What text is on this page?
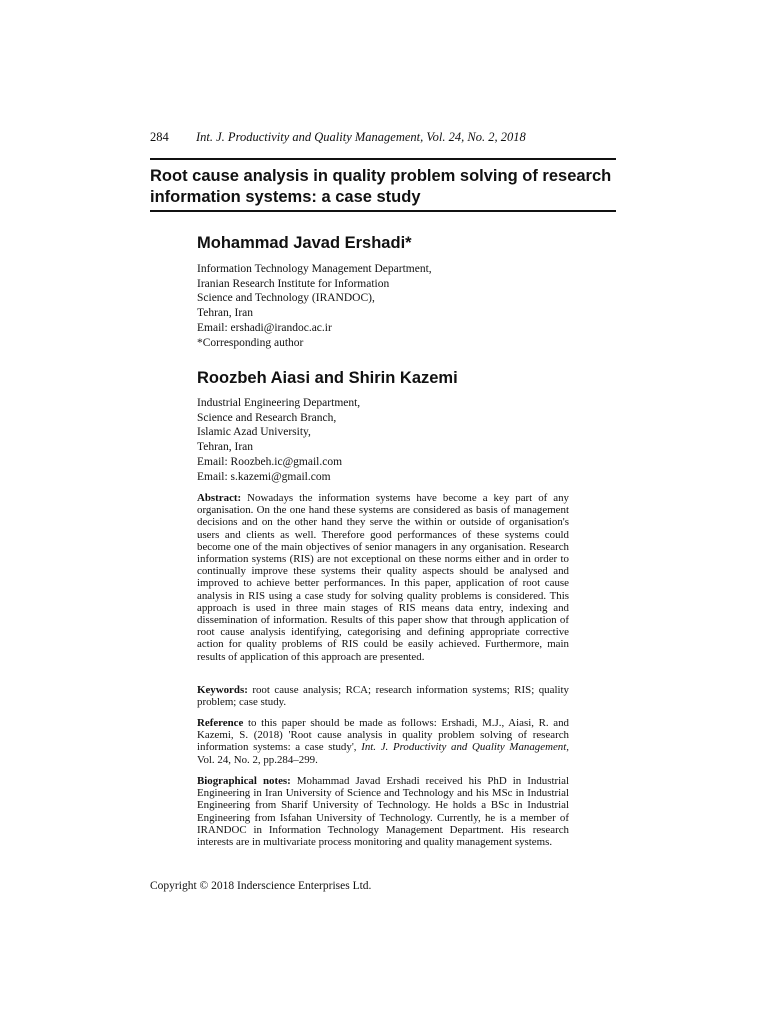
284 Int. J. Productivity and Quality Management, Vol. 24, No. 2, 2018
Root cause analysis in quality problem solving of research information systems: a case study
Mohammad Javad Ershadi*
Information Technology Management Department,
Iranian Research Institute for Information
Science and Technology (IRANDOC),
Tehran, Iran
Email: ershadi@irandoc.ac.ir
*Corresponding author
Roozbeh Aiasi and Shirin Kazemi
Industrial Engineering Department,
Science and Research Branch,
Islamic Azad University,
Tehran, Iran
Email: Roozbeh.ic@gmail.com
Email: s.kazemi@gmail.com

Abstract: Nowadays the information systems have become a key part of any organisation. On the one hand these systems are considered as basis of management decisions and on the other hand they serve the within or outside of organisation's users and clients as well. Therefore good performances of these systems could become one of the main objectives of senior managers in any organisation. Research information systems (RIS) are not exceptional on these norms either and in order to continually improve these systems their quality aspects should be analysed and improved to achieve better performances. In this paper, application of root cause analysis in RIS using a case study for solving quality problems is considered. This approach is used in three main stages of RIS means data entry, indexing and dissemination of information. Results of this paper show that through application of root cause analysis identifying, categorising and defining appropriate corrective action for quality problems of RIS could be easily achieved. Furthermore, main results of application of this approach are presented.

Keywords: root cause analysis; RCA; research information systems; RIS; quality problem; case study.

Reference to this paper should be made as follows: Ershadi, M.J., Aiasi, R. and Kazemi, S. (2018) 'Root cause analysis in quality problem solving of research information systems: a case study', Int. J. Productivity and Quality Management, Vol. 24, No. 2, pp.284–299.

Biographical notes: Mohammad Javad Ershadi received his PhD in Industrial Engineering in Iran University of Science and Technology and his MSc in Industrial Engineering from Sharif University of Technology. He holds a BSc in Industrial Engineering from Isfahan University of Technology. Currently, he is a member of IRANDOC in Information Technology Management Department. His research interests are in multivariate process monitoring and quality management systems.

Copyright © 2018 Inderscience Enterprises Ltd.
